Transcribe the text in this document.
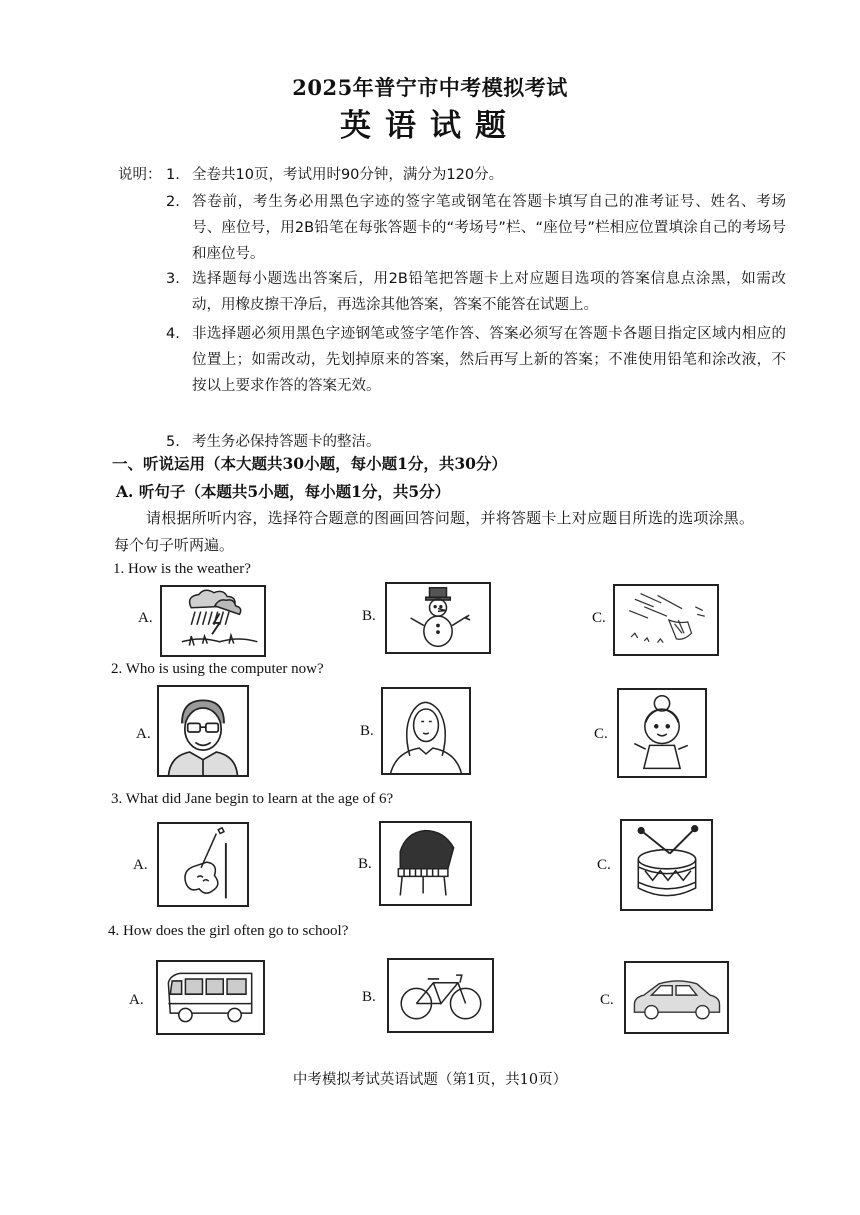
2025年普宁市中考模拟考试
英语试题
说明： 1. 全卷共10页，考试用时90分钟，满分为120分。
2. 答卷前，考生务必用黑色字迹的签字笔或钢笔在答题卡填写自己的准考证号、姓名、考场号、座位号，用2B铅笔在每张答题卡的“考场号”栏、“座位号”栏相应位置填涂自己的考场号和座位号。
3. 选择题每小题选出答案后，用2B铅笔把答题卡上对应题目选项的答案信息点涂黑，如需改动，用橡皮擦干净后，再选涂其他答案，答案不能答在试题上。
4. 非选择题必须用黑色字迹钢笔或签字笔作答、答案必须写在答题卡各题目指定区域内相应的位置上；如需改动，先划掉原来的答案，然后再写上新的答案；不准使用铅笔和涂改液，不按以上要求作答的答案无效。
5. 考生务必保持答题卡的整洁。
一、听说运用（本大题共30小题，每小题1分，共30分）
A. 听句子（本题共5小题，每小题1分，共5分）
请根据所听内容，选择符合题意的图画回答问题，并将答题卡上对应题目所选的选项涂黑。每个句子听两遍。
1. How is the weather?
A.	B.	C.
2. Who is using the computer now?
A.	B.	C.
3. What did Jane begin to learn at the age of 6?
A.	B.	C.
4. How does the girl often go to school?
A.	B.	C.
中考模拟考试英语试题（第1页，共10页）
